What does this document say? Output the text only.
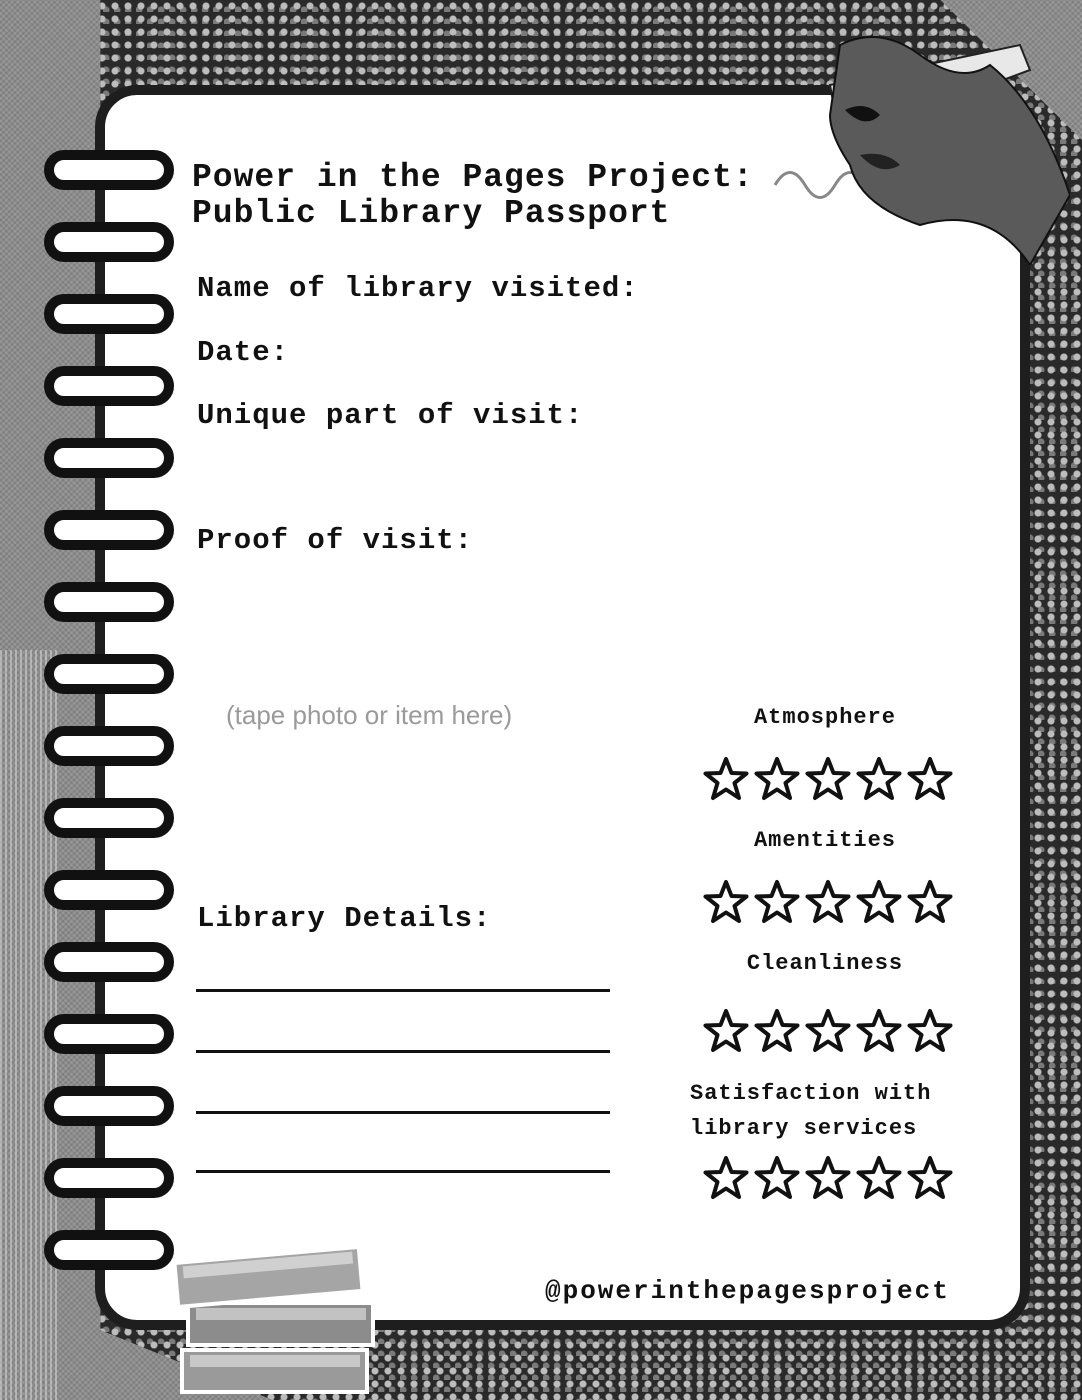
Power in the Pages Project:
Public Library Passport

Name of library visited:

Date:

Unique part of visit:

Proof of visit:

(tape photo or item here)

Library Details:

Atmosphere
Amentities
Cleanliness
Satisfaction with
library services
@powerinthepagesproject
